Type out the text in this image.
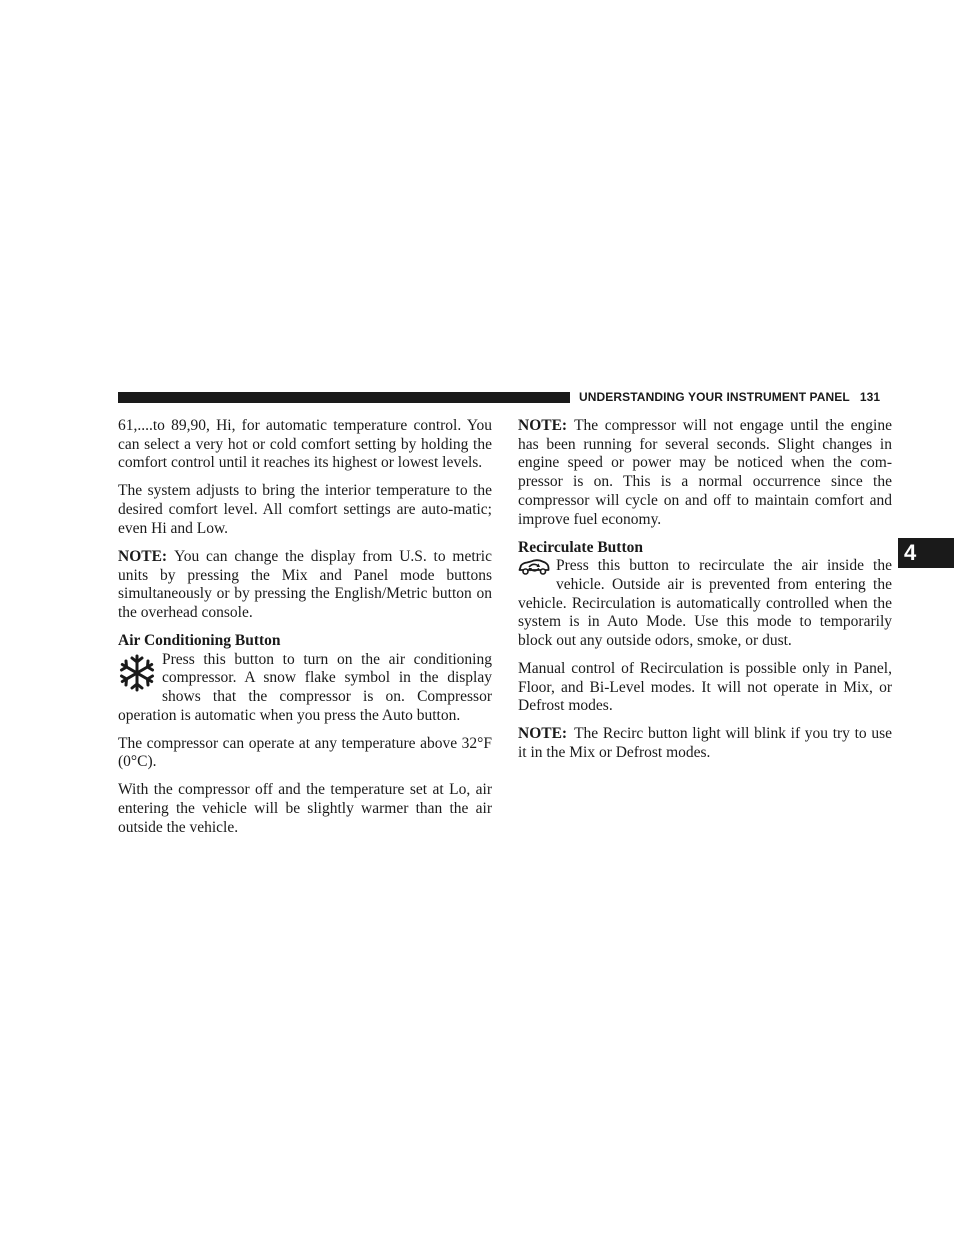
UNDERSTANDING YOUR INSTRUMENT PANEL 131
4

61,....to 89,90, Hi, for automatic temperature control. You can select a very hot or cold comfort setting by holding the comfort control until it reaches its highest or lowest levels.

The system adjusts to bring the interior temperature to the desired comfort level. All comfort settings are auto-matic; even Hi and Low.

NOTE: You can change the display from U.S. to metric units by pressing the Mix and Panel mode buttons simultaneously or by pressing the English/Metric button on the overhead console.

Air Conditioning Button

Press this button to turn on the air conditioning compressor. A snow flake symbol in the display shows that the compressor is on. Compressor operation is automatic when you press the Auto button.

The compressor can operate at any temperature above 32°F (0°C).

With the compressor off and the temperature set at Lo, air entering the vehicle will be slightly warmer than the air outside the vehicle.

NOTE: The compressor will not engage until the engine has been running for several seconds. Slight changes in engine speed or power may be noticed when the com-pressor is on. This is a normal occurrence since the compressor will cycle on and off to maintain comfort and improve fuel economy.

Recirculate Button

Press this button to recirculate the air inside the vehicle. Outside air is prevented from entering the vehicle. Recirculation is automatically controlled when the system is in Auto Mode. Use this mode to temporarily block out any outside odors, smoke, or dust.

Manual control of Recirculation is possible only in Panel, Floor, and Bi-Level modes. It will not operate in Mix, or Defrost modes.

NOTE: The Recirc button light will blink if you try to use it in the Mix or Defrost modes.
